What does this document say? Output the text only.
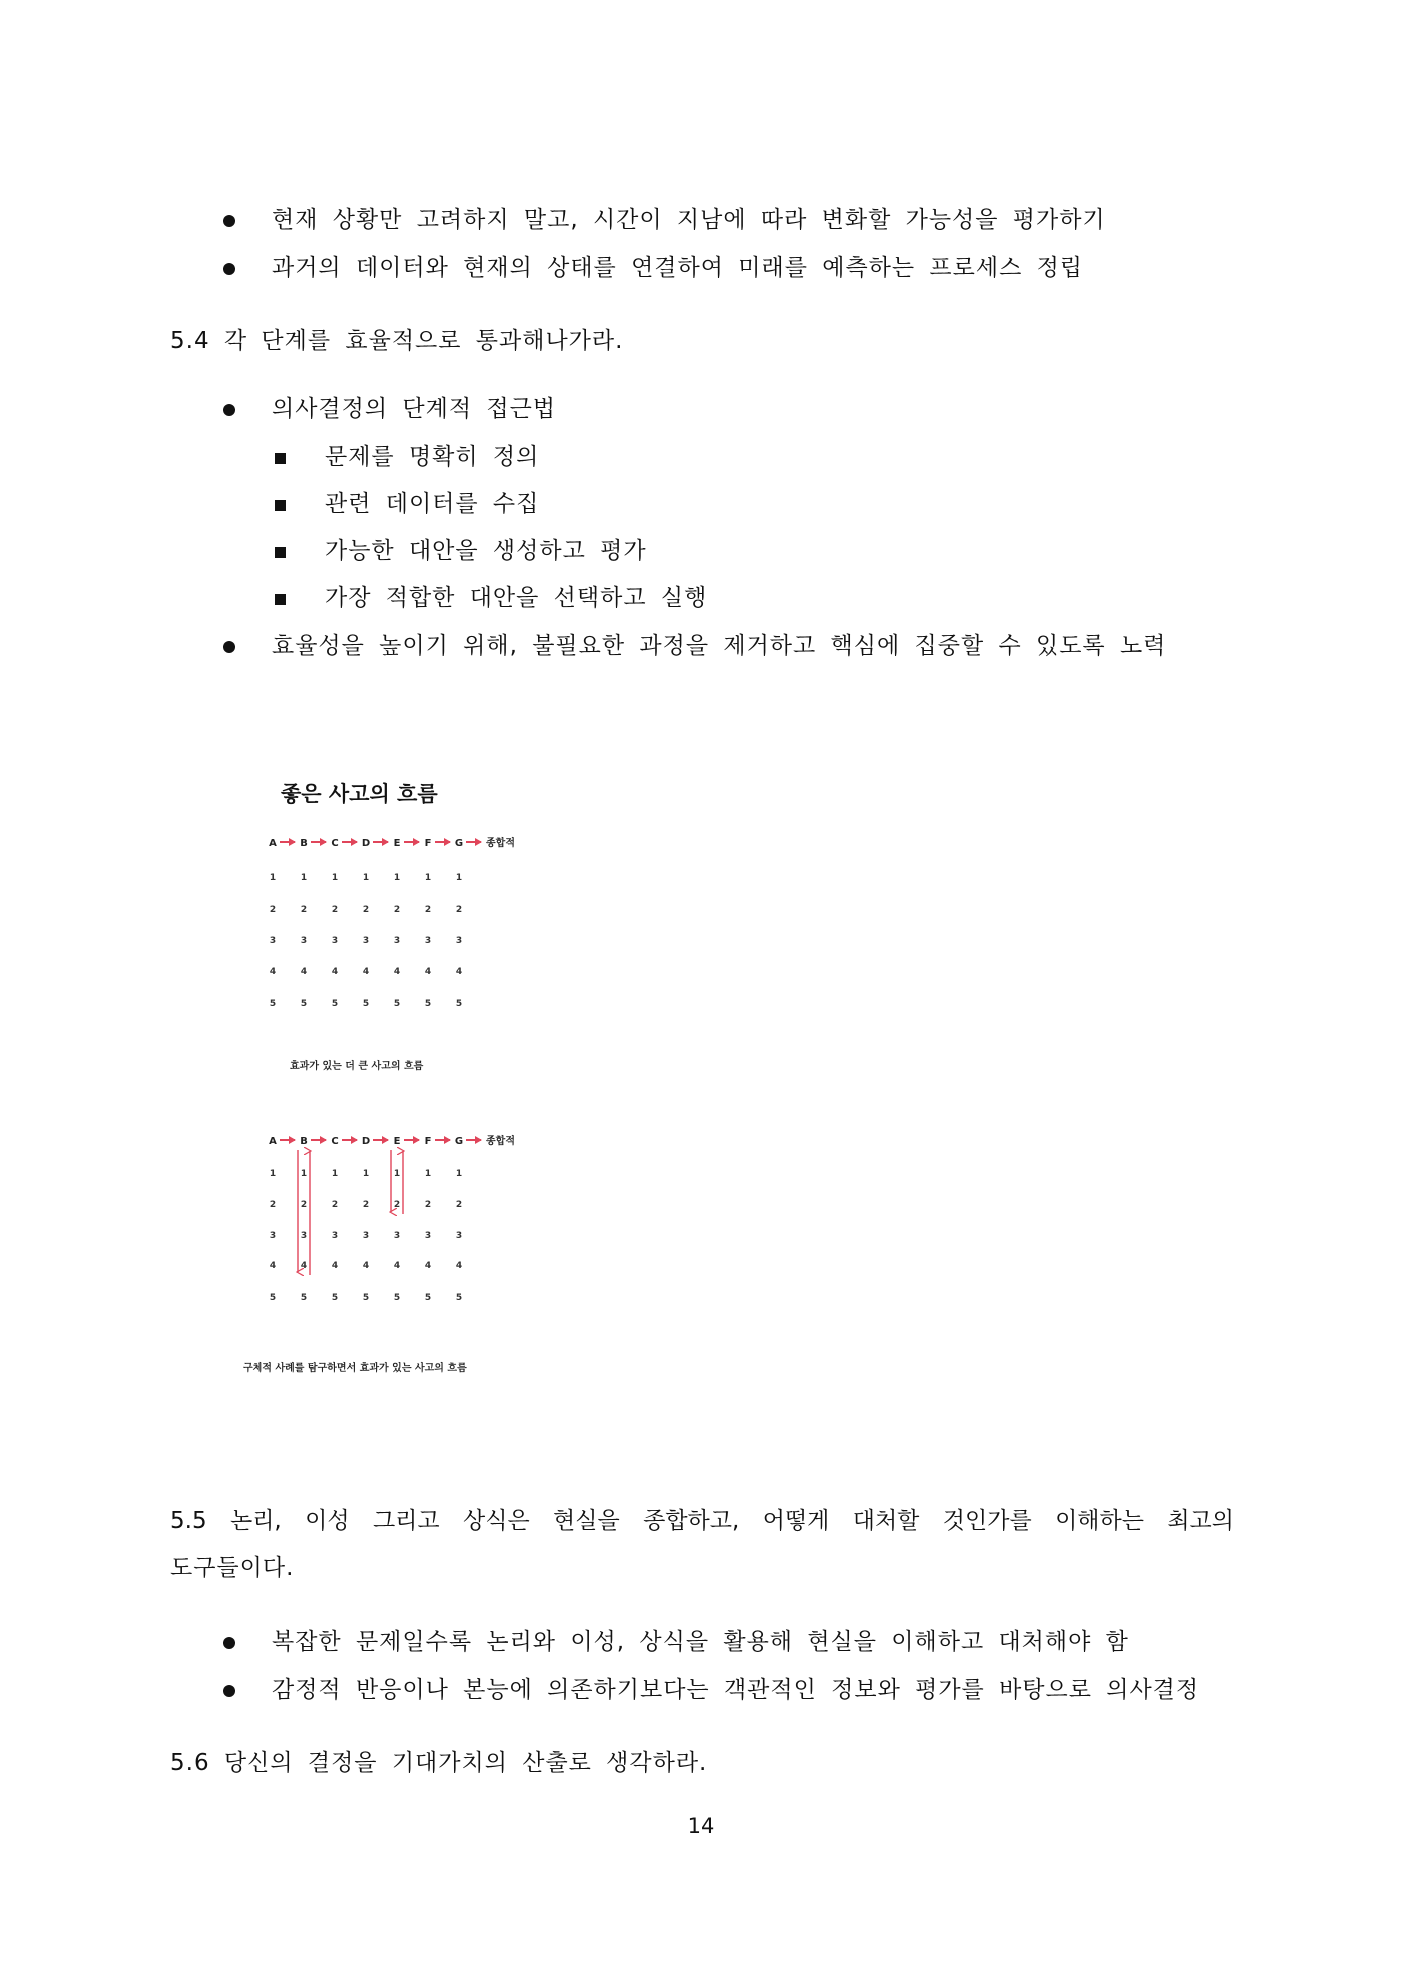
현재 상황만 고려하지 말고, 시간이 지남에 따라 변화할 가능성을 평가하기
과거의 데이터와 현재의 상태를 연결하여 미래를 예측하는 프로세스 정립
5.4 각 단계를 효율적으로 통과해나가라.
의사결정의 단계적 접근법
문제를 명확히 정의
관련 데이터를 수집
가능한 대안을 생성하고 평가
가장 적합한 대안을 선택하고 실행
효율성을 높이기 위해, 불필요한 과정을 제거하고 핵심에 집중할 수 있도록 노력
좋은 사고의 흐름
A B C D E F G 종합적
1	1	1	1	1	1	1
2	2	2	2	2	2	2
3	3	3	3	3	3	3
4	4	4	4	4	4	4
5	5	5	5	5	5	5
A B C D E F G 종합적
1	1	1	1	1	1	1
2	2	2	2	2	2	2
3	3	3	3	3	3	3
4	4	4	4	4	4	4
5	5	5	5	5	5	5
효과가 있는 더 큰 사고의 흐름
구체적 사례를 탐구하면서 효과가 있는 사고의 흐름
5.5 논리, 이성 그리고 상식은 현실을 종합하고, 어떻게 대처할 것인가를 이해하는 최고의
도구들이다.
복잡한 문제일수록 논리와 이성, 상식을 활용해 현실을 이해하고 대처해야 함
감정적 반응이나 본능에 의존하기보다는 객관적인 정보와 평가를 바탕으로 의사결정
5.6 당신의 결정을 기대가치의 산출로 생각하라.
14
